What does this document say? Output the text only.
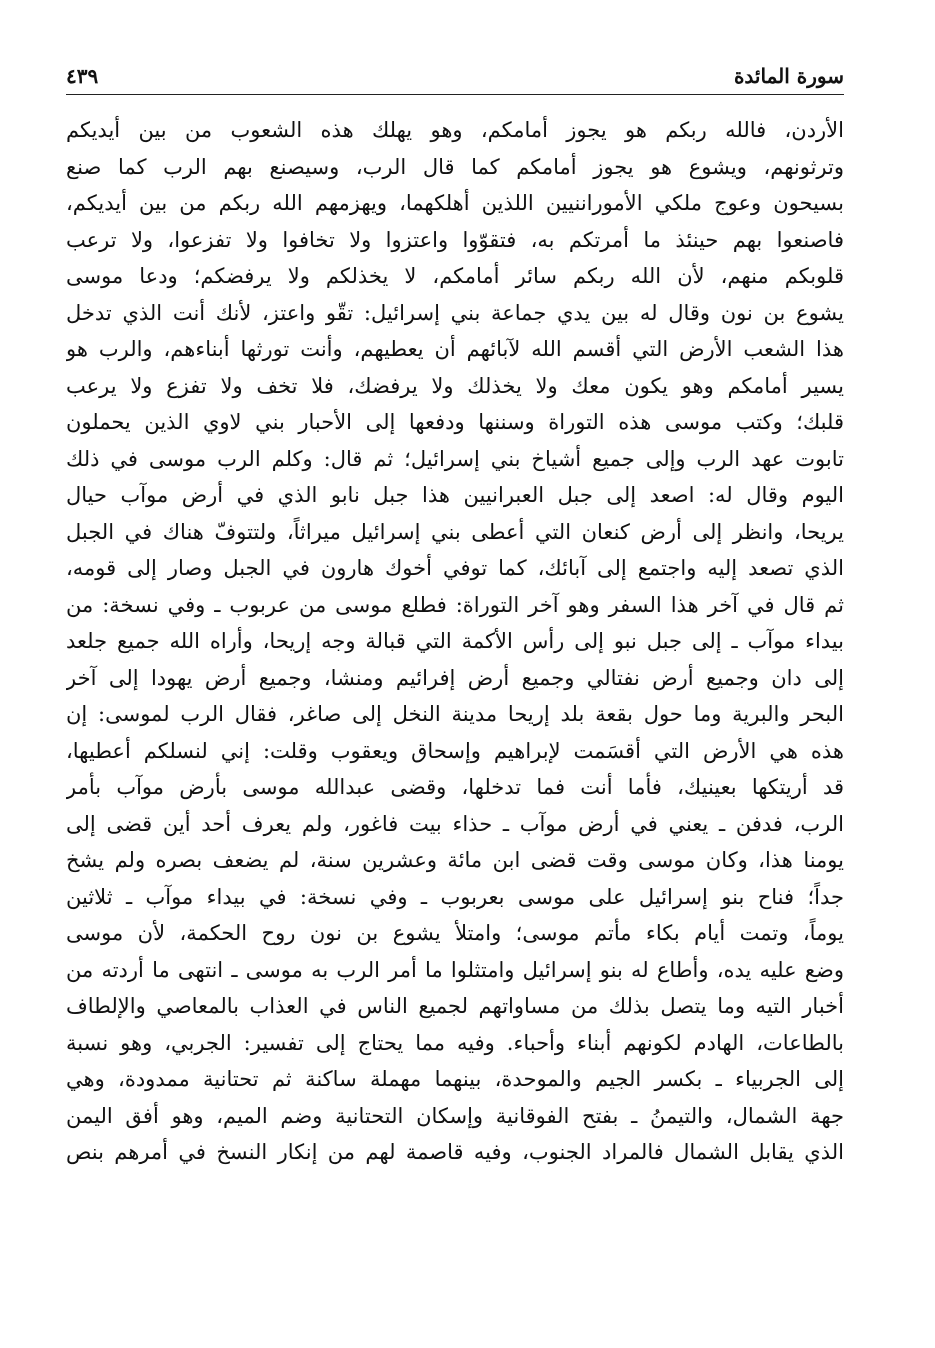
سورة المائدة
٤٣٩
الأردن، فالله ربكم هو يجوز أمامكم، وهو يهلك هذه الشعوب من بين أيديكم
وترثونهم، ويشوع هو يجوز أمامكم كما قال الرب، وسيصنع بهم الرب كما صنع
بسيحون وعوج ملكي الأموراننيين اللذين أهلكهما، ويهزمهم الله ربكم من بين أيديكم،
فاصنعوا بهم حينئذ ما أمرتكم به، فتقوّوا واعتزوا ولا تخافوا ولا تفزعوا، ولا ترعب
قلوبكم منهم، لأن الله ربكم سائر أمامكم، لا يخذلكم ولا يرفضكم؛ ودعا موسى
يشوع بن نون وقال له بين يدي جماعة بني إسرائيل: تقّو واعتز، لأنك أنت الذي تدخل
هذا الشعب الأرض التي أقسم الله لآبائهم أن يعطيهم، وأنت تورثها أبناءهم، والرب هو
يسير أمامكم وهو يكون معك ولا يخذلك ولا يرفضك، فلا تخف ولا تفزع ولا يرعب
قلبك؛ وكتب موسى هذه التوراة وسننها ودفعها إلى الأحبار بني لاوي الذين يحملون
تابوت عهد الرب وإلى جميع أشياخ بني إسرائيل؛ ثم قال: وكلم الرب موسى في ذلك
اليوم وقال له: اصعد إلى جبل العبرانيين هذا جبل نابو الذي في أرض موآب حيال
يريحا، وانظر إلى أرض كنعان التي أعطى بني إسرائيل ميراثاً، ولتتوفّ هناك في الجبل
الذي تصعد إليه واجتمع إلى آبائك، كما توفي أخوك هارون في الجبل وصار إلى قومه،
ثم قال في آخر هذا السفر وهو آخر التوراة: فطلع موسى من عربوب ـ وفي نسخة: من
بيداء موآب ـ إلى جبل نبو إلى رأس الأكمة التي قبالة وجه إريحا، وأراه الله جميع جلعد
إلى دان وجميع أرض نفتالي وجميع أرض إفرائيم ومنشا، وجميع أرض يهودا إلى آخر
البحر والبرية وما حول بقعة بلد إريحا مدينة النخل إلى صاغر، فقال الرب لموسى: إن
هذه هي الأرض التي أقسَمت لإبراهيم وإسحاق ويعقوب وقلت: إني لنسلكم أعطيها،
قد أريتكها بعينيك، فأما أنت فما تدخلها، وقضى عبدالله موسى بأرض موآب بأمر
الرب، فدفن ـ يعني في أرض موآب ـ حذاء بيت فاغور، ولم يعرف أحد أين قضى إلى
يومنا هذا، وكان موسى وقت قضى ابن مائة وعشرين سنة، لم يضعف بصره ولم يشخ
جداً؛ فناح بنو إسرائيل على موسى بعربوب ـ وفي نسخة: في بيداء موآب ـ ثلاثين
يوماً، وتمت أيام بكاء مأتم موسى؛ وامتلأ يشوع بن نون روح الحكمة، لأن موسى
وضع عليه يده، وأطاع له بنو إسرائيل وامتثلوا ما أمر الرب به موسى ـ انتهى ما أردته من
أخبار التيه وما يتصل بذلك من مساواتهم لجميع الناس في العذاب بالمعاصي والإلطاف
بالطاعات، الهادم لكونهم أبناء وأحباء. وفيه مما يحتاج إلى تفسير: الجربي، وهو نسبة
إلى الجربياء ـ بكسر الجيم والموحدة، بينهما مهملة ساكنة ثم تحتانية ممدودة، وهي
جهة الشمال، والتيمنُ ـ بفتح الفوقانية وإسكان التحتانية وضم الميم، وهو أفق اليمن
الذي يقابل الشمال فالمراد الجنوب، وفيه قاصمة لهم من إنكار النسخ في أمرهم بنص
